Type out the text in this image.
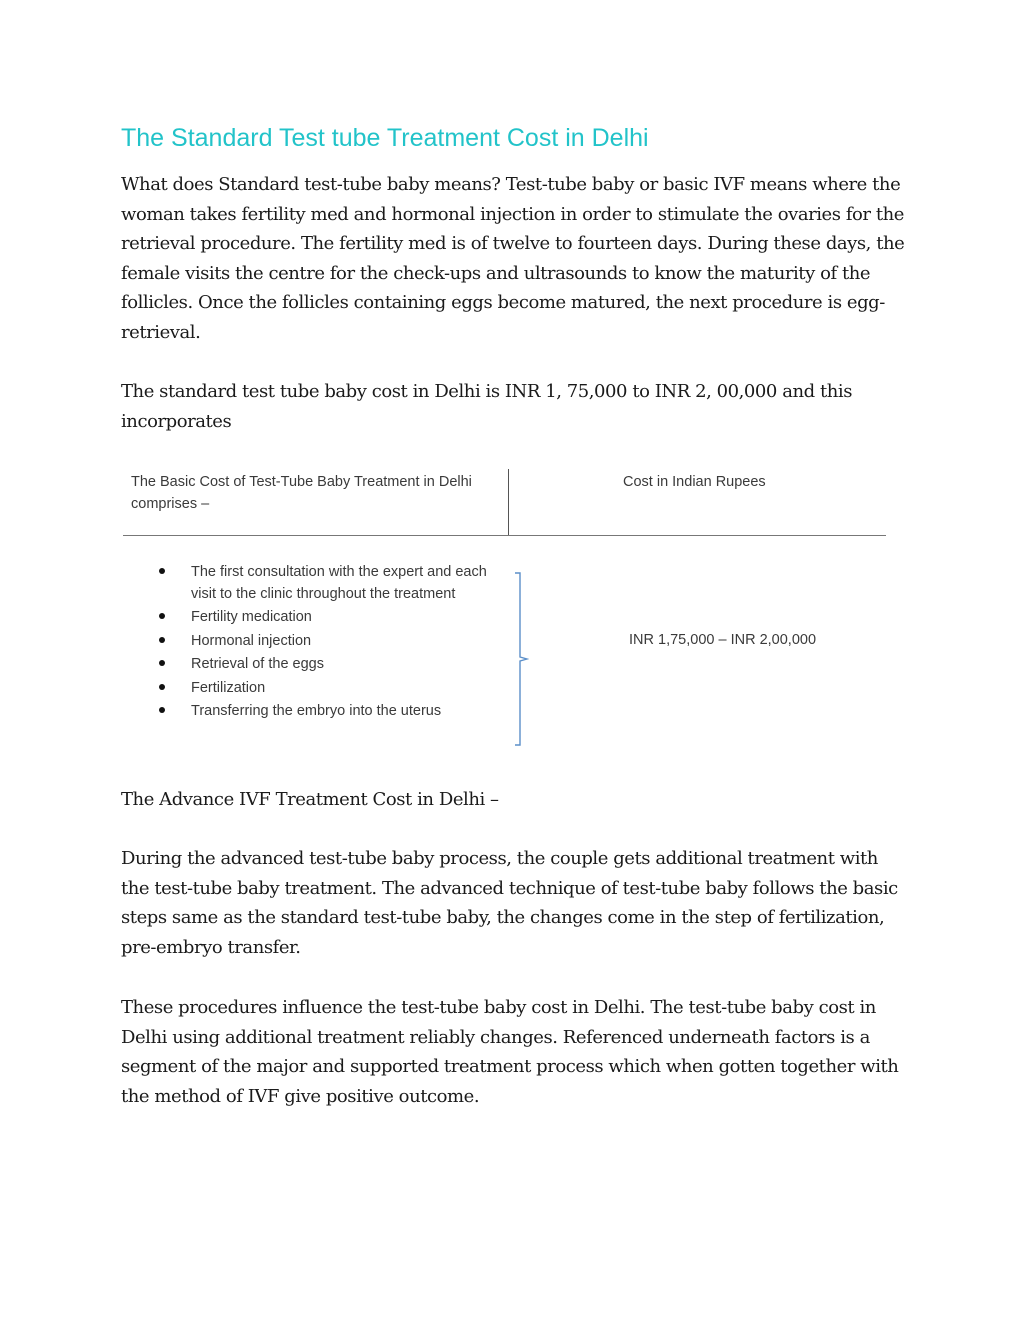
The Standard Test tube Treatment Cost in Delhi

What does Standard test-tube baby means? Test-tube baby or basic IVF means where the woman takes fertility med and hormonal injection in order to stimulate the ovaries for the retrieval procedure. The fertility med is of twelve to fourteen days. During these days, the female visits the centre for the check-ups and ultrasounds to know the maturity of the follicles. Once the follicles containing eggs become matured, the next procedure is egg-retrieval.

The standard test tube baby cost in Delhi is INR 1, 75,000 to INR 2, 00,000 and this incorporates

The Basic Cost of Test-Tube Baby Treatment in Delhi comprises –
Cost in Indian Rupees
The first consultation with the expert and each visit to the clinic throughout the treatment
Fertility medication
Hormonal injection
Retrieval of the eggs
Fertilization
Transferring the embryo into the uterus
INR 1,75,000 – INR 2,00,000

The Advance IVF Treatment Cost in Delhi –

During the advanced test-tube baby process, the couple gets additional treatment with the test-tube baby treatment. The advanced technique of test-tube baby follows the basic steps same as the standard test-tube baby, the changes come in the step of fertilization, pre-embryo transfer.

These procedures influence the test-tube baby cost in Delhi. The test-tube baby cost in Delhi using additional treatment reliably changes. Referenced underneath factors is a segment of the major and supported treatment process which when gotten together with the method of IVF give positive outcome.
